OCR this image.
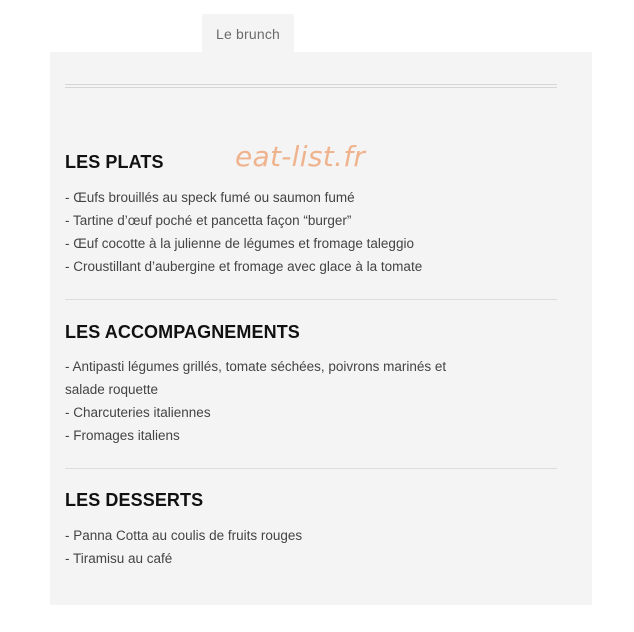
Le brunch
eat-list.fr
LES PLATS
- Œufs brouillés au speck fumé ou saumon fumé
- Tartine d’œuf poché et pancetta façon “burger”
- Œuf cocotte à la julienne de légumes et fromage taleggio
- Croustillant d’aubergine et fromage avec glace à la tomate
LES ACCOMPAGNEMENTS
- Antipasti légumes grillés, tomate séchées, poivrons marinés et salade roquette
- Charcuteries italiennes
- Fromages italiens
LES DESSERTS
- Panna Cotta au coulis de fruits rouges
- Tiramisu au café
